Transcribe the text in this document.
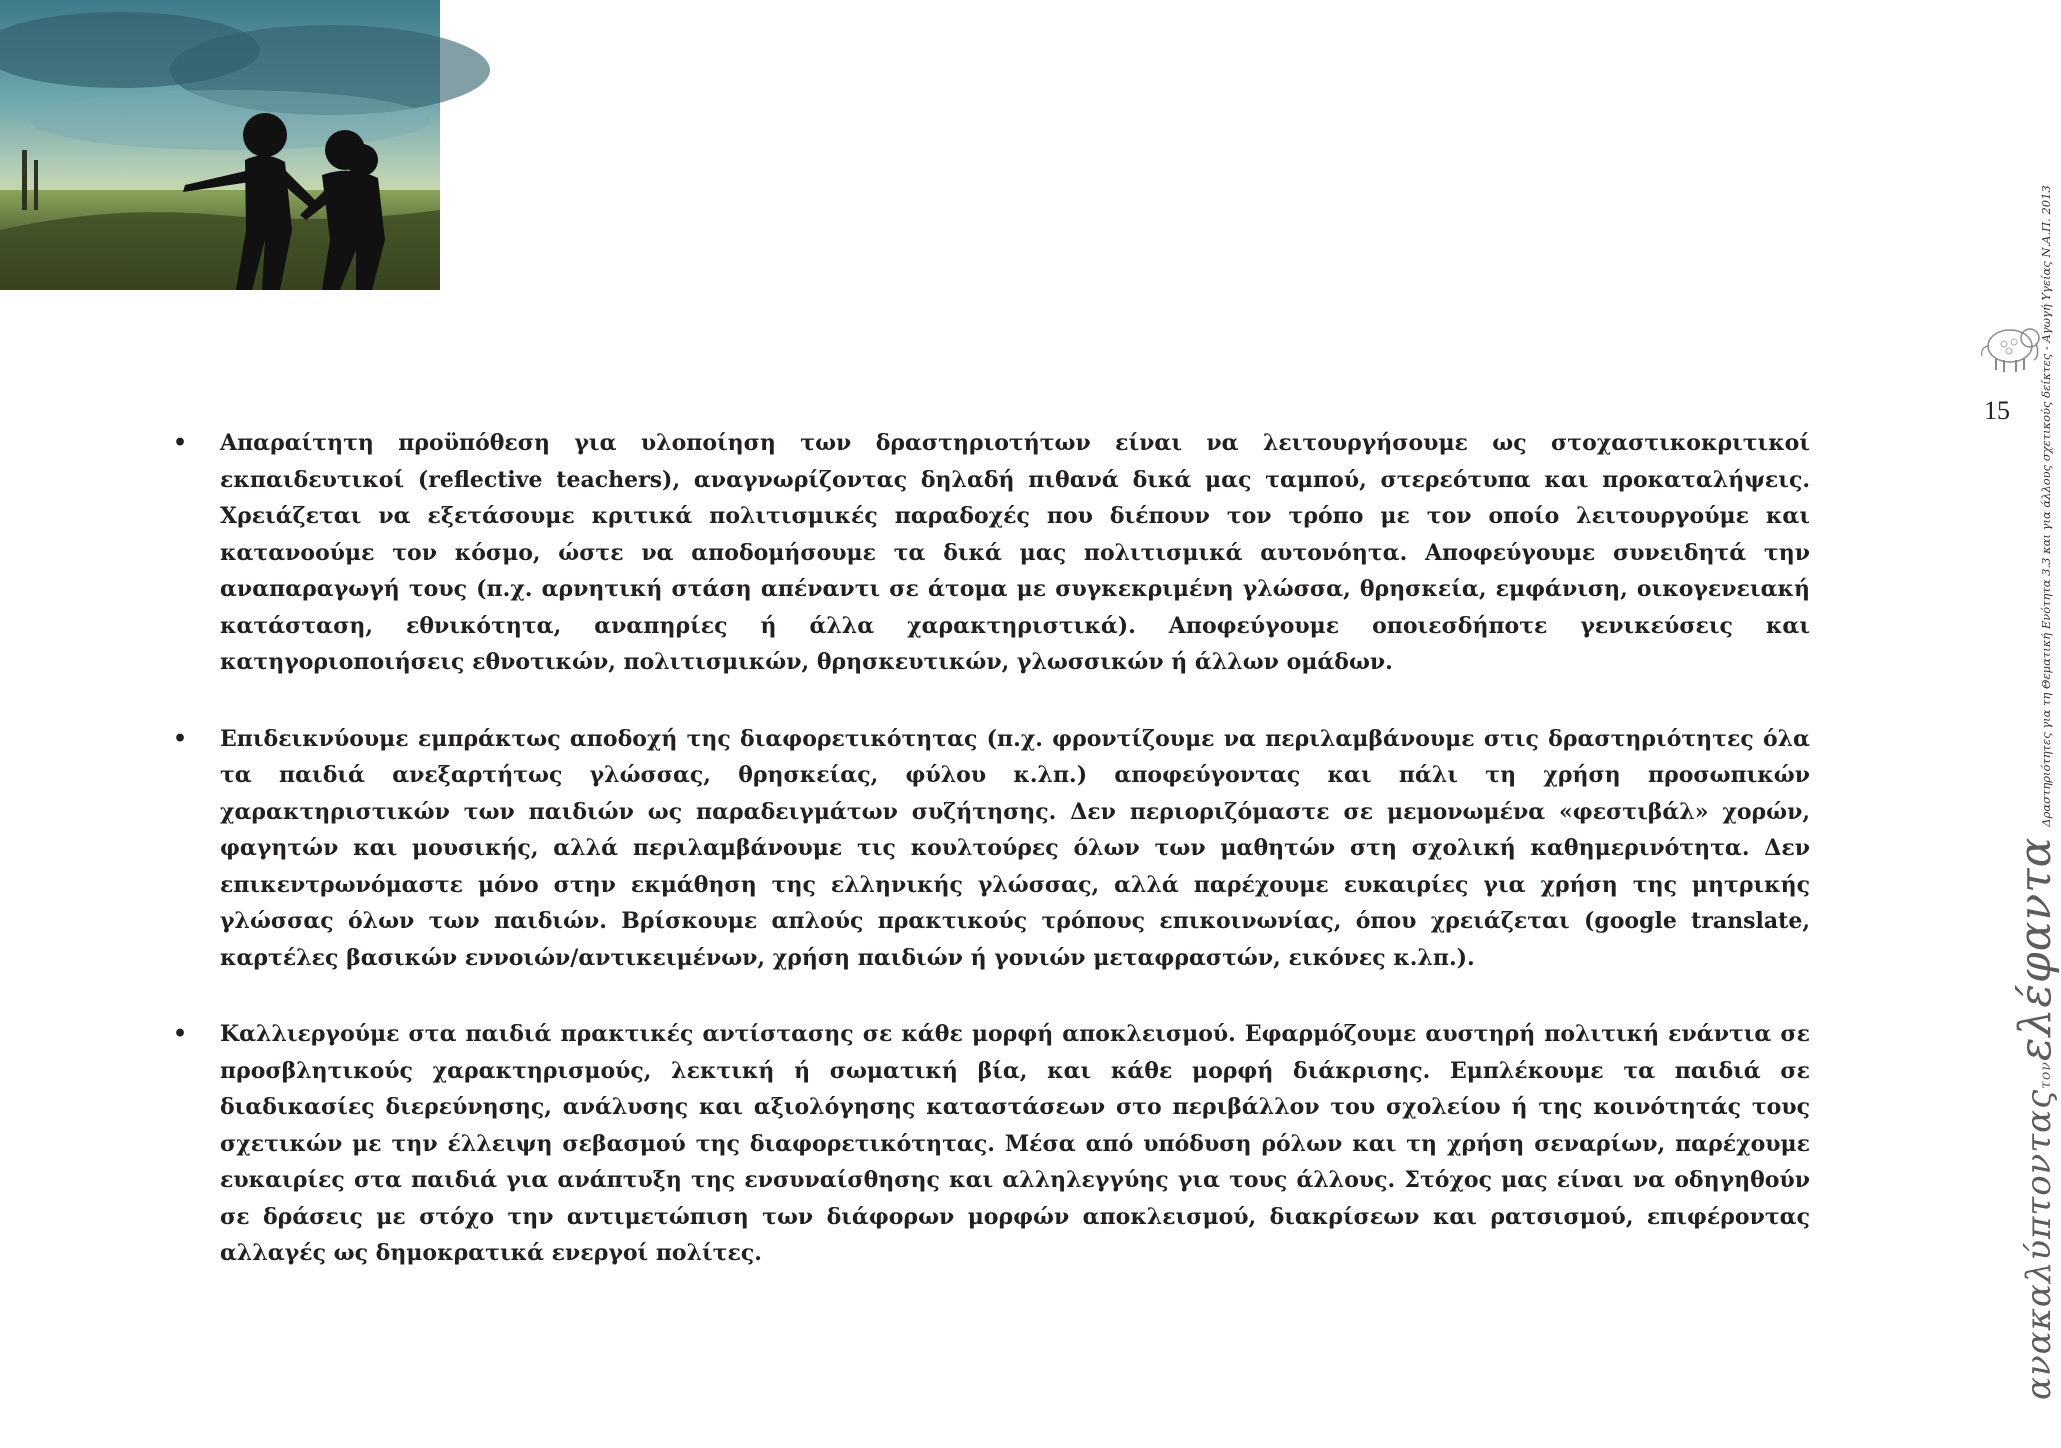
• Απαραίτητη προϋπόθεση για υλοποίηση των δραστηριοτήτων είναι να λειτουργήσουμε ως στοχαστικοκριτικοί εκπαιδευτικοί (reflective teachers), αναγνωρίζοντας δηλαδή πιθανά δικά μας ταμπού, στερεότυπα και προκαταλήψεις. Χρειάζεται να εξετάσουμε κριτικά πολιτισμικές παραδοχές που διέπουν τον τρόπο με τον οποίο λειτουργούμε και κατανοούμε τον κόσμο, ώστε να αποδομήσουμε τα δικά μας πολιτισμικά αυτονόητα. Αποφεύγουμε συνειδητά την αναπαραγωγή τους (π.χ. αρνητική στάση απέναντι σε άτομα με συγκεκριμένη γλώσσα, θρησκεία, εμφάνιση, οικογενειακή κατάσταση, εθνικότητα, αναπηρίες ή άλλα χαρακτηριστικά). Αποφεύγουμε οποιεσδήποτε γενικεύσεις και κατηγοριοποιήσεις εθνοτικών, πολιτισμικών, θρησκευτικών, γλωσσικών ή άλλων ομάδων.
• Επιδεικνύουμε εμπράκτως αποδοχή της διαφορετικότητας (π.χ. φροντίζουμε να περιλαμβάνουμε στις δραστηριότητες όλα τα παιδιά ανεξαρτήτως γλώσσας, θρησκείας, φύλου κ.λπ.) αποφεύγοντας και πάλι τη χρήση προσωπικών χαρακτηριστικών των παιδιών ως παραδειγμάτων συζήτησης. Δεν περιοριζόμαστε σε μεμονωμένα «φεστιβάλ» χορών, φαγητών και μουσικής, αλλά περιλαμβάνουμε τις κουλτούρες όλων των μαθητών στη σχολική καθημερινότητα. Δεν επικεντρωνόμαστε μόνο στην εκμάθηση της ελληνικής γλώσσας, αλλά παρέχουμε ευκαιρίες για χρήση της μητρικής γλώσσας όλων των παιδιών. Βρίσκουμε απλούς πρακτικούς τρόπους επικοινωνίας, όπου χρειάζεται (google translate, καρτέλες βασικών εννοιών/αντικειμένων, χρήση παιδιών ή γονιών μεταφραστών, εικόνες κ.λπ.).
• Καλλιεργούμε στα παιδιά πρακτικές αντίστασης σε κάθε μορφή αποκλεισμού. Εφαρμόζουμε αυστηρή πολιτική ενάντια σε προσβλητικούς χαρακτηρισμούς, λεκτική ή σωματική βία, και κάθε μορφή διάκρισης. Εμπλέκουμε τα παιδιά σε διαδικασίες διερεύνησης, ανάλυσης και αξιολόγησης καταστάσεων στο περιβάλλον του σχολείου ή της κοινότητάς τους σχετικών με την έλλειψη σεβασμού της διαφορετικότητας. Μέσα από υπόδυση ρόλων και τη χρήση σεναρίων, παρέχουμε ευκαιρίες στα παιδιά για ανάπτυξη της ενσυναίσθησης και αλληλεγγύης για τους άλλους. Στόχος μας είναι να οδηγηθούν σε δράσεις με στόχο την αντιμετώπιση των διάφορων μορφών αποκλεισμού, διακρίσεων και ρατσισμού, επιφέροντας αλλαγές ως δημοκρατικά ενεργοί πολίτες.
15
ανακαλύπτονταςτονελέφανταΔραστηριότητες για τη Θεματική Ενότητα 3.3 και για άλλους σχετικούς δείκτες - Αγωγή Υγείας Ν.Α.Π. 2013
